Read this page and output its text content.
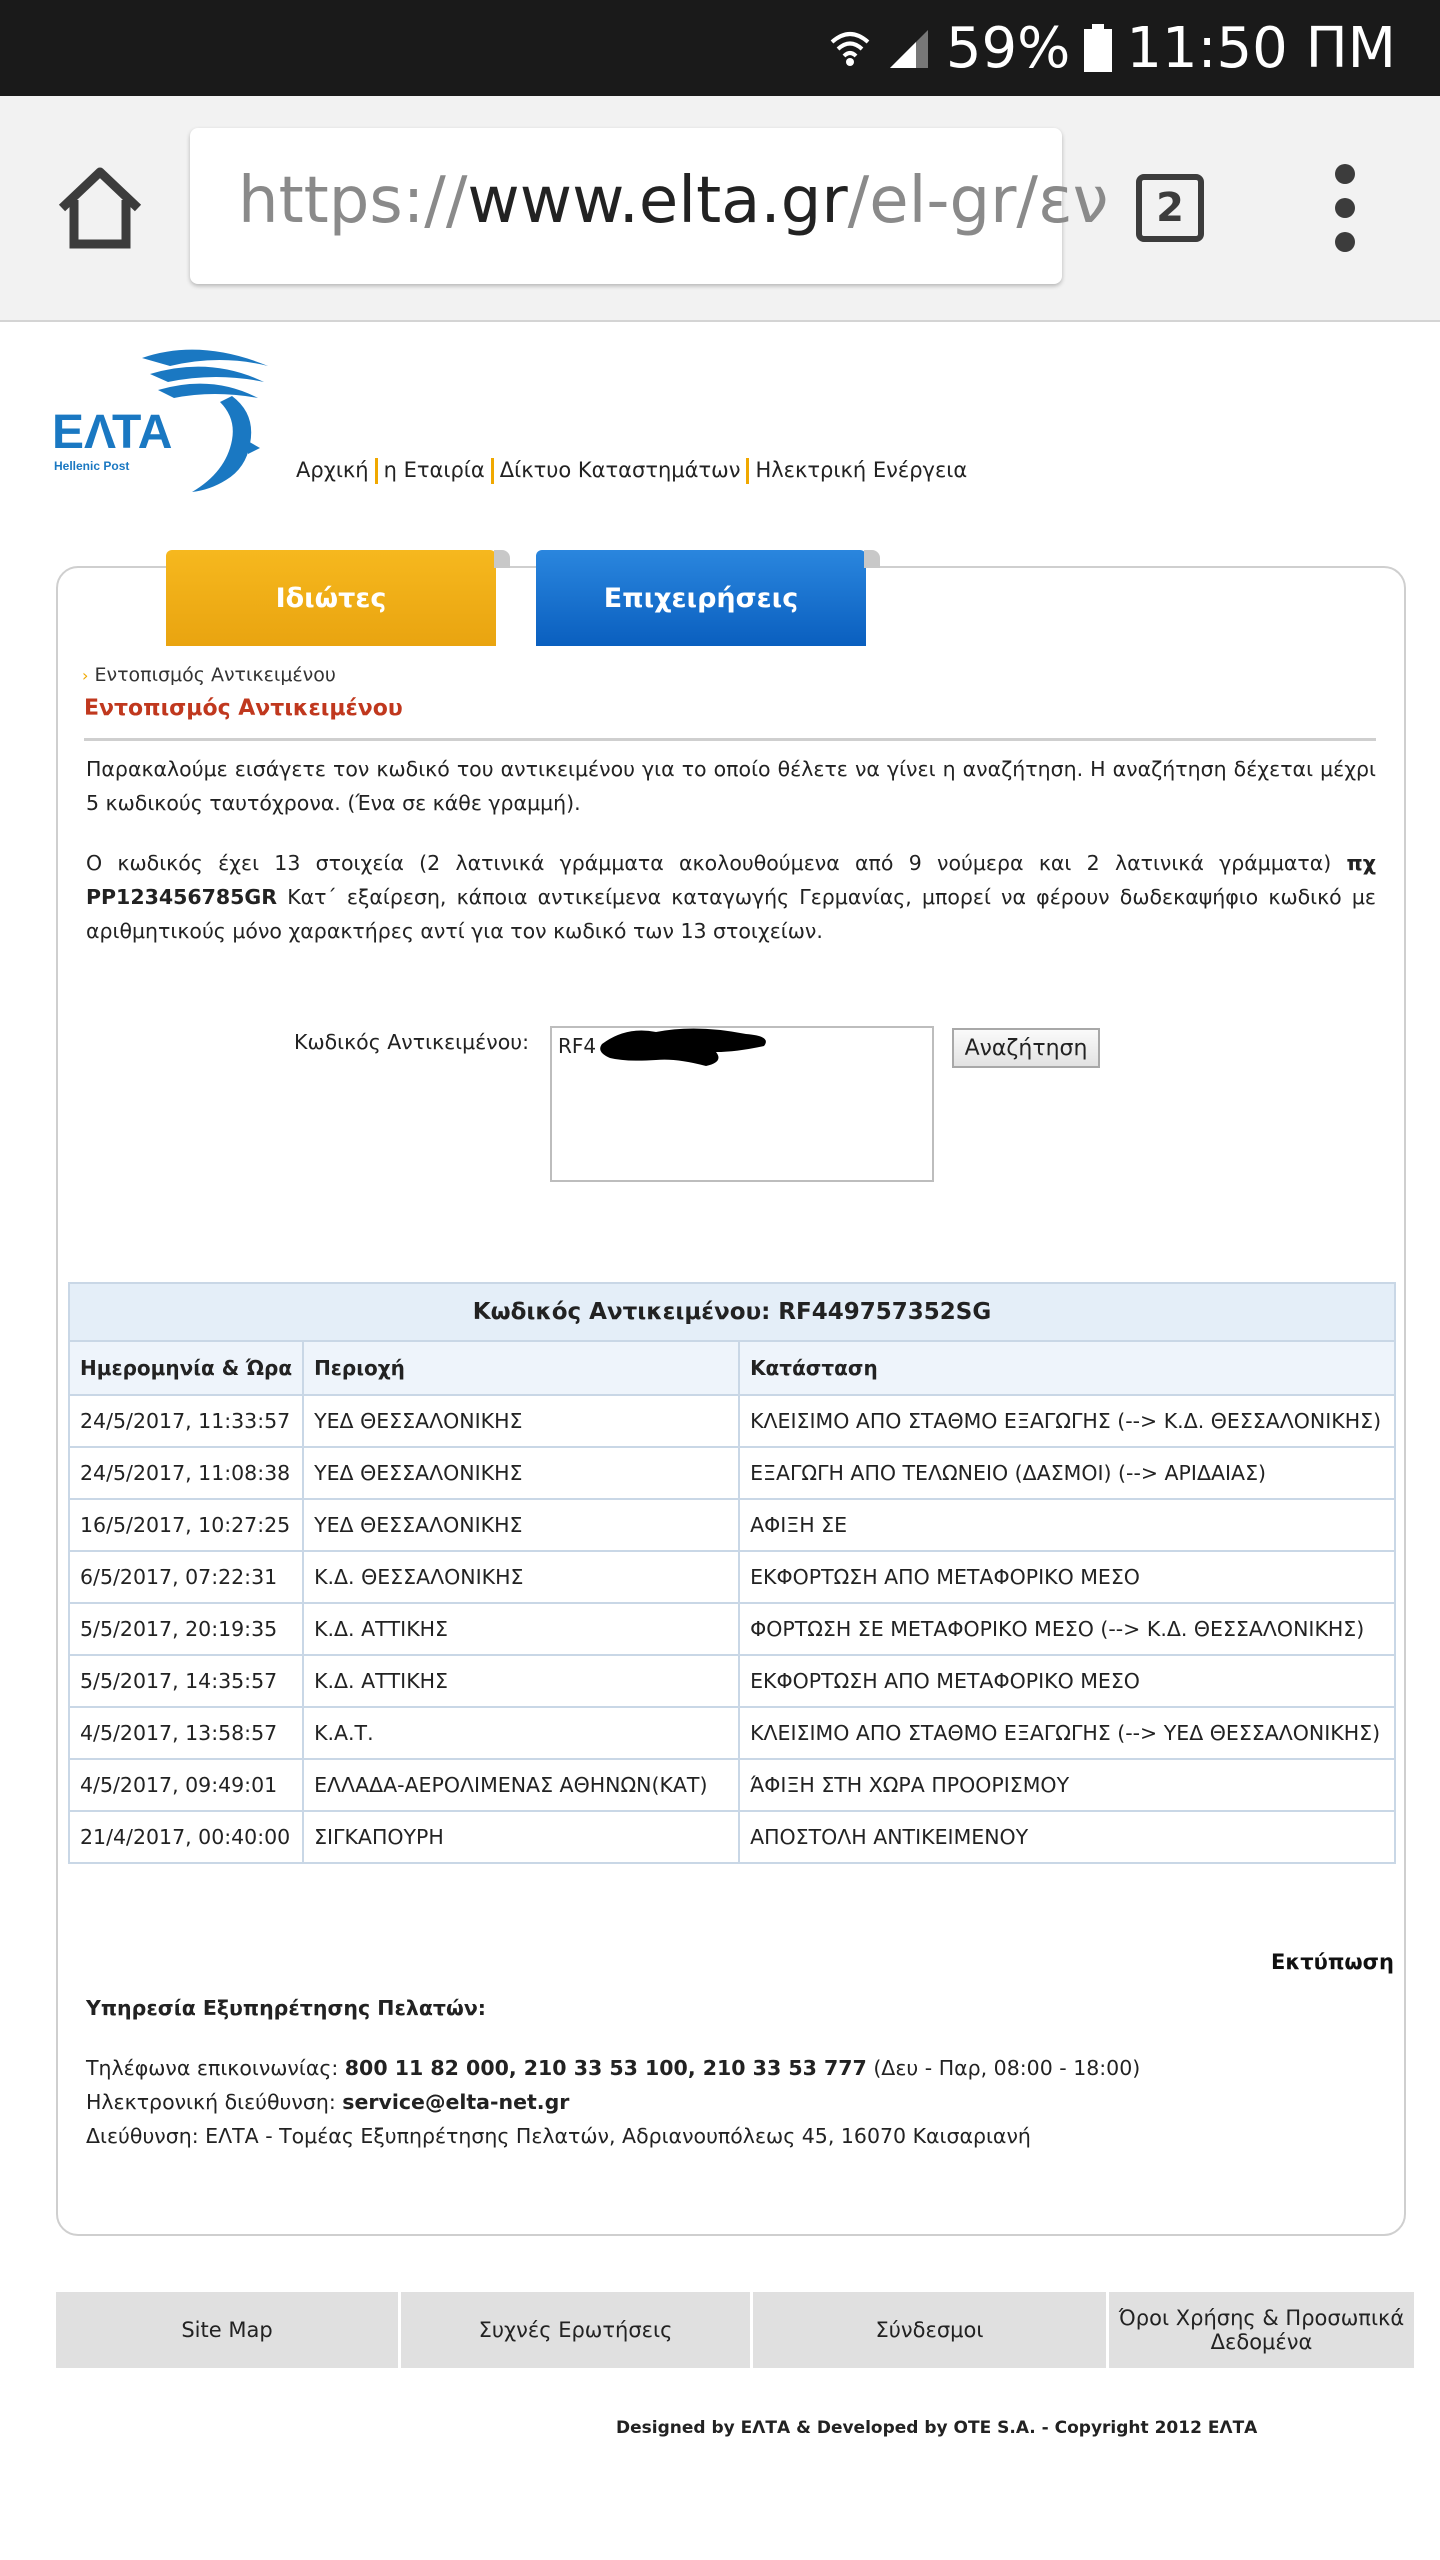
59% 11:50 ΠΜ
https://www.elta.gr/el-gr/εν 2
ΕΛΤΑ
Hellenic Post	Αρχική η Εταιρία Δίκτυο Καταστημάτων Ηλεκτρική Ενέργεια
Ιδιώτες	Επιχειρήσεις
› Εντοπισμός Αντικειμένου
Εντοπισμός Αντικειμένου
Παρακαλούμε εισάγετε τον κωδικό του αντικειμένου για το οποίο θέλετε να γίνει η αναζήτηση. Η αναζήτηση δέχεται μέχρι 5 κωδικούς ταυτόχρονα. (Ένα σε κάθε γραμμή).
Ο κωδικός έχει 13 στοιχεία (2 λατινικά γράμματα ακολουθούμενα από 9 νούμερα και 2 λατινικά γράμματα) πχ PP123456785GR Κατ΄ εξαίρεση, κάποια αντικείμενα καταγωγής Γερμανίας, μπορεί να φέρουν δωδεκαψήφιο κωδικό με αριθμητικούς μόνο χαρακτήρες αντί για τον κωδικό των 13 στοιχείων.
Κωδικός Αντικειμένου:
RF4	Αναζήτηση
Κωδικός Αντικειμένου: RF449757352SG		
Ημερομηνία & Ώρα	Περιοχή	Κατάσταση
24/5/2017, 11:33:57	ΥΕΔ ΘΕΣΣΑΛΟΝΙΚΗΣ	ΚΛΕΙΣΙΜΟ ΑΠΟ ΣΤΑΘΜΟ ΕΞΑΓΩΓΗΣ (--> Κ.Δ. ΘΕΣΣΑΛΟΝΙΚΗΣ)
24/5/2017, 11:08:38	ΥΕΔ ΘΕΣΣΑΛΟΝΙΚΗΣ	ΕΞΑΓΩΓΗ ΑΠΟ ΤΕΛΩΝΕΙΟ (ΔΑΣΜΟΙ) (--> ΑΡΙΔΑΙΑΣ)
16/5/2017, 10:27:25	ΥΕΔ ΘΕΣΣΑΛΟΝΙΚΗΣ	ΑΦΙΞΗ ΣΕ
6/5/2017, 07:22:31	Κ.Δ. ΘΕΣΣΑΛΟΝΙΚΗΣ	ΕΚΦΟΡΤΩΣΗ ΑΠΟ ΜΕΤΑΦΟΡΙΚΟ ΜΕΣΟ
5/5/2017, 20:19:35	Κ.Δ. ΑΤΤΙΚΗΣ	ΦΟΡΤΩΣΗ ΣΕ ΜΕΤΑΦΟΡΙΚΟ ΜΕΣΟ (--> Κ.Δ. ΘΕΣΣΑΛΟΝΙΚΗΣ)
5/5/2017, 14:35:57	Κ.Δ. ΑΤΤΙΚΗΣ	ΕΚΦΟΡΤΩΣΗ ΑΠΟ ΜΕΤΑΦΟΡΙΚΟ ΜΕΣΟ
4/5/2017, 13:58:57	Κ.Α.Τ.	ΚΛΕΙΣΙΜΟ ΑΠΟ ΣΤΑΘΜΟ ΕΞΑΓΩΓΗΣ (--> ΥΕΔ ΘΕΣΣΑΛΟΝΙΚΗΣ)
4/5/2017, 09:49:01	ΕΛΛΑΔΑ-ΑΕΡΟΛΙΜΕΝΑΣ ΑΘΗΝΩΝ(ΚΑΤ)	ΆΦΙΞΗ ΣΤΗ ΧΩΡΑ ΠΡΟΟΡΙΣΜΟΥ
21/4/2017, 00:40:00	ΣΙΓΚΑΠΟΥΡΗ	ΑΠΟΣΤΟΛΗ ΑΝΤΙΚΕΙΜΕΝΟΥ
Εκτύπωση
Υπηρεσία Εξυπηρέτησης Πελατών:
Τηλέφωνα επικοινωνίας: 800 11 82 000, 210 33 53 100, 210 33 53 777 (Δευ - Παρ, 08:00 - 18:00)
Ηλεκτρονική διεύθυνση: service@elta-net.gr
Διεύθυνση: ΕΛΤΑ - Τομέας Εξυπηρέτησης Πελατών, Αδριανουπόλεως 45, 16070 Καισαριανή
Site Map	Συχνές Ερωτήσεις	Σύνδεσμοι	Όροι Χρήσης & Προσωπικά Δεδομένα
Designed by ΕΛΤΑ & Developed by OTE S.A. - Copyright 2012 ΕΛΤΑ
